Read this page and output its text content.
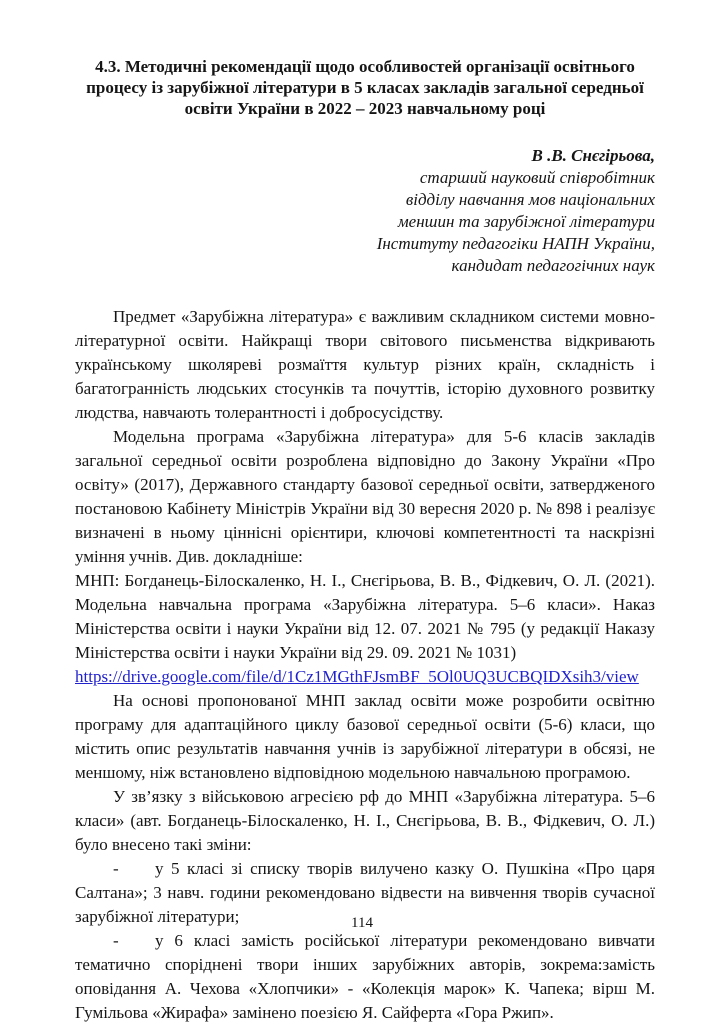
4.3. Методичні рекомендації щодо особливостей організації освітнього процесу із зарубіжної літератури в 5 класах закладів загальної середньої освіти України в 2022 – 2023 навчальному році
В .В. Снєгірьова,
старший науковий співробітник
відділу навчання мов національних
меншин та зарубіжної літератури
Інституту педагогіки НАПН України,
кандидат педагогічних наук

Предмет «Зарубіжна література» є важливим складником системи мовно-літературної освіти. Найкращі твори світового письменства відкривають українському школяреві розмаїття культур різних країн, складність і багатогранність людських стосунків та почуттів, історію духовного розвитку людства, навчають толерантності і добросусідству.

Модельна програма «Зарубіжна література» для 5-6 класів закладів загальної середньої освіти розроблена відповідно до Закону України «Про освіту» (2017), Державного стандарту базової середньої освіти, затвердженого постановою Кабінету Міністрів України від 30 вересня 2020 р. № 898 і реалізує визначені в ньому ціннісні орієнтири, ключові компетентності та наскрізні уміння учнів. Див. докладніше:

МНП: Богданець-Білоскаленко, Н. І., Снєгірьова, В. В., Фідкевич, О. Л. (2021). Модельна навчальна програма «Зарубіжна література. 5–6 класи». Наказ Міністерства освіти і науки України від 12. 07. 2021 № 795 (у редакції Наказу Міністерства освіти і науки України від 29. 09. 2021 № 1031)

https://drive.google.com/file/d/1Cz1MGthFJsmBF_5Ol0UQ3UCBQIDXsih3/view

На основі пропонованої МНП заклад освіти може розробити освітню програму для адаптаційного циклу базової середньої освіти (5-6) класи, що містить опис результатів навчання учнів із зарубіжної літератури в обсязі, не меншому, ніж встановлено відповідною модельною навчальною програмою.

У зв’язку з військовою агресією рф до МНП «Зарубіжна література. 5–6 класи» (авт. Богданець-Білоскаленко, Н. І., Снєгірьова, В. В., Фідкевич, О. Л.) було внесено такі зміни:

- у 5 класі зі списку творів вилучено казку О. Пушкіна «Про царя Салтана»; 3 навч. години рекомендовано відвести на вивчення творів сучасної зарубіжної літератури;

- у 6 класі замість російської літератури рекомендовано вивчати тематично споріднені твори інших зарубіжних авторів, зокрема:замість оповідання А. Чехова «Хлопчики» - «Колекція марок» К. Чапека; вірш М. Гумільова «Жирафа» замінено поезією Я. Сайферта «Гора Ржип».

114
